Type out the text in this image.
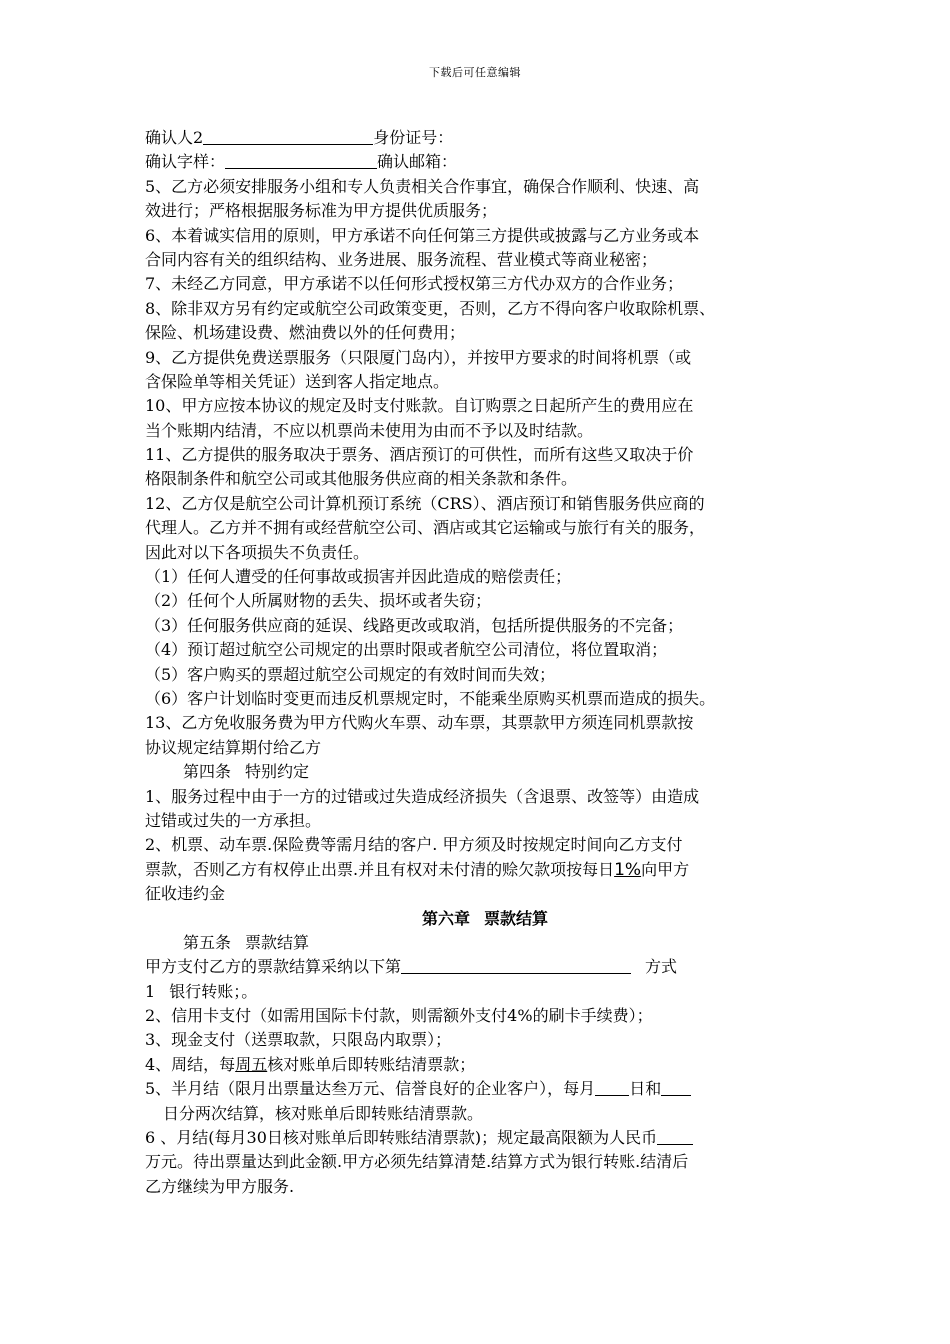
下载后可任意编辑
确认人2	身份证号：
确认字样：	确认邮箱：
5、乙方必须安排服务小组和专人负责相关合作事宜，确保合作顺利、快速、高
效进行；严格根据服务标准为甲方提供优质服务；
6、本着诚实信用的原则，甲方承诺不向任何第三方提供或披露与乙方业务或本
合同内容有关的组织结构、业务进展、服务流程、营业模式等商业秘密；
7、未经乙方同意，甲方承诺不以任何形式授权第三方代办双方的合作业务；
8、除非双方另有约定或航空公司政策变更，否则，乙方不得向客户收取除机票、
保险、机场建设费、燃油费以外的任何费用；
9、乙方提供免费送票服务（只限厦门岛内），并按甲方要求的时间将机票（或
含保险单等相关凭证）送到客人指定地点。
10、甲方应按本协议的规定及时支付账款。自订购票之日起所产生的费用应在
当个账期内结清，不应以机票尚未使用为由而不予以及时结款。
11、乙方提供的服务取决于票务、酒店预订的可供性，而所有这些又取决于价
格限制条件和航空公司或其他服务供应商的相关条款和条件。
12、乙方仅是航空公司计算机预订系统（CRS）、酒店预订和销售服务供应商的
代理人。乙方并不拥有或经营航空公司、酒店或其它运输或与旅行有关的服务，
因此对以下各项损失不负责任。
（1）任何人遭受的任何事故或损害并因此造成的赔偿责任；
（2）任何个人所属财物的丢失、损坏或者失窃；
（3）任何服务供应商的延误、线路更改或取消，包括所提供服务的不完备；
（4）预订超过航空公司规定的出票时限或者航空公司清位，将位置取消；
（5）客户购买的票超过航空公司规定的有效时间而失效；
（6）客户计划临时变更而违反机票规定时，不能乘坐原购买机票而造成的损失。
13、乙方免收服务费为甲方代购火车票、动车票，其票款甲方须连同机票款按
协议规定结算期付给乙方
第四条 特别约定
1、服务过程中由于一方的过错或过失造成经济损失（含退票、改签等）由造成
过错或过失的一方承担。
2、机票、动车票.保险费等需月结的客户. 甲方须及时按规定时间向乙方支付
票款，否则乙方有权停止出票.并且有权对未付清的赊欠款项按每日1%向甲方
征收违约金
第六章 票款结算
第五条 票款结算
甲方支付乙方的票款结算采纳以下第	方式
1 银行转账；。
2、信用卡支付（如需用国际卡付款，则需额外支付4%的刷卡手续费）；
3、现金支付（送票取款，只限岛内取票）；
4、周结，每周五核对账单后即转账结清票款；
5、半月结（限月出票量达叁万元、信誉良好的企业客户），每月 日和
日分两次结算，核对账单后即转账结清票款。
6 、月结(每月30日核对账单后即转账结清票款)；规定最高限额为人民币
万元。待出票量达到此金额.甲方必须先结算清楚.结算方式为银行转账.结清后
乙方继续为甲方服务.
